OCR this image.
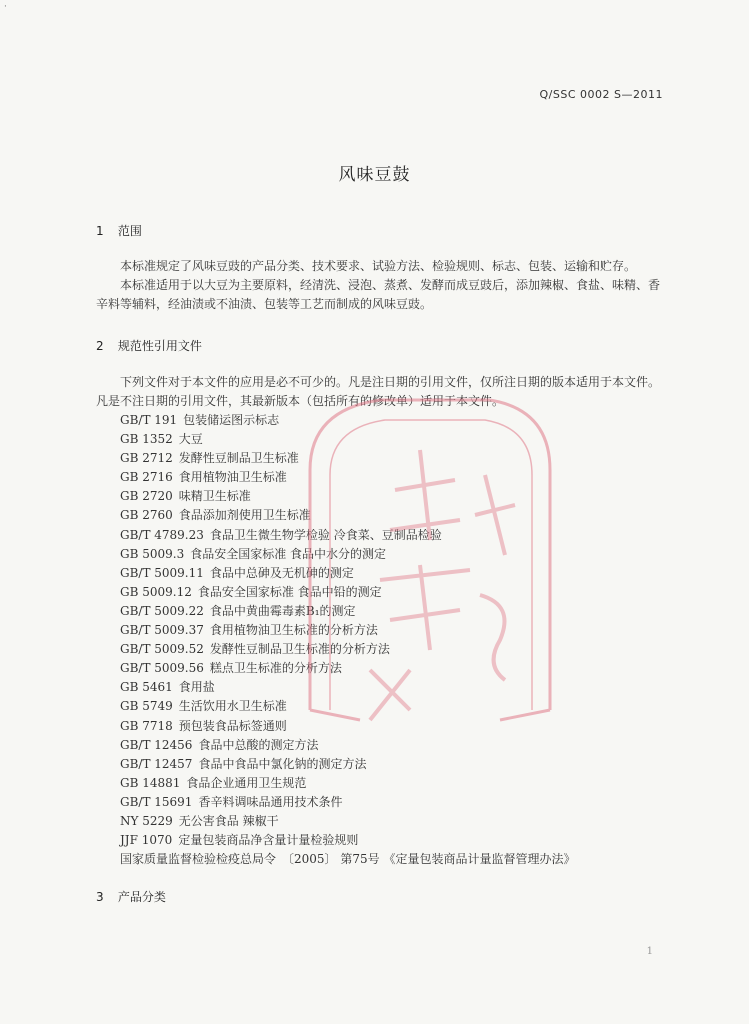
·
Q/SSC 0002 S—2011
风味豆鼓
1 范围

本标准规定了风味豆豉的产品分类、技术要求、试验方法、检验规则、标志、包装、运输和贮存。

本标准适用于以大豆为主要原料，经清洗、浸泡、蒸煮、发酵而成豆豉后，添加辣椒、食盐、味精、香辛料等辅料，经油渍或不油渍、包装等工艺而制成的风味豆豉。

2 规范性引用文件

下列文件对于本文件的应用是必不可少的。凡是注日期的引用文件，仅所注日期的版本适用于本文件。凡是不注日期的引用文件，其最新版本（包括所有的修改单）适用于本文件。

GB/T 191 包装储运图示标志
GB 1352 大豆
GB 2712 发酵性豆制品卫生标准
GB 2716 食用植物油卫生标准
GB 2720 味精卫生标准
GB 2760 食品添加剂使用卫生标准
GB/T 4789.23 食品卫生微生物学检验 冷食菜、豆制品检验
GB 5009.3 食品安全国家标准 食品中水分的测定
GB/T 5009.11 食品中总砷及无机砷的测定
GB 5009.12 食品安全国家标准 食品中铅的测定
GB/T 5009.22 食品中黄曲霉毒素B₁的测定
GB/T 5009.37 食用植物油卫生标准的分析方法
GB/T 5009.52 发酵性豆制品卫生标准的分析方法
GB/T 5009.56 糕点卫生标准的分析方法
GB 5461 食用盐
GB 5749 生活饮用水卫生标准
GB 7718 预包装食品标签通则
GB/T 12456 食品中总酸的测定方法
GB/T 12457 食品中食品中氯化钠的测定方法
GB 14881 食品企业通用卫生规范
GB/T 15691 香辛料调味品通用技术条件
NY 5229 无公害食品 辣椒干
JJF 1070 定量包装商品净含量计量检验规则
国家质量监督检验检疫总局令 〔2005〕 第75号 《定量包装商品计量监督管理办法》
3 产品分类
1
